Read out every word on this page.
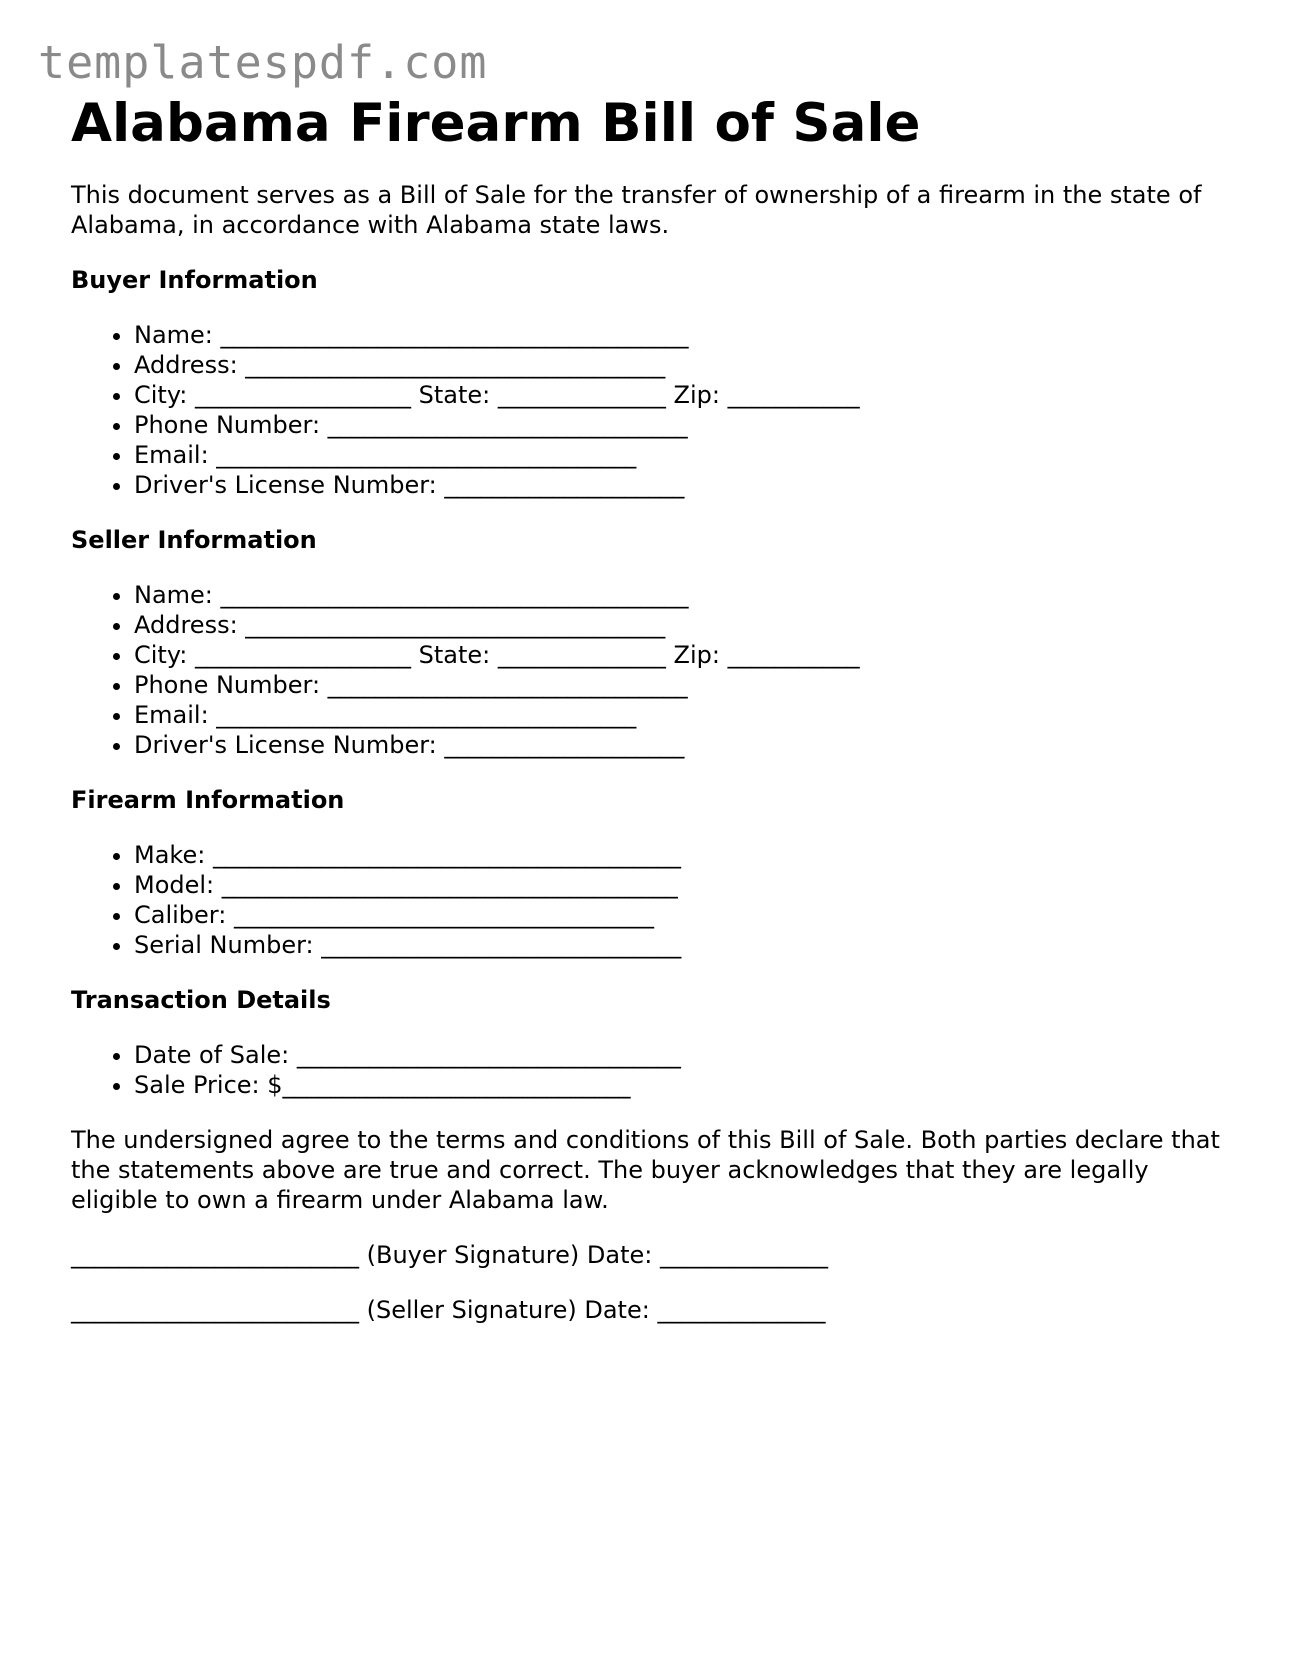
templatespdf.com
Alabama Firearm Bill of Sale

This document serves as a Bill of Sale for the transfer of ownership of a firearm in the state of Alabama, in accordance with Alabama state laws.

Buyer Information
• Name: _______________________________________
• Address: ___________________________________
• City: __________________ State: ______________ Zip: ___________
• Phone Number: ______________________________
• Email: ___________________________________
• Driver's License Number: ____________________
Seller Information
• Name: _______________________________________
• Address: ___________________________________
• City: __________________ State: ______________ Zip: ___________
• Phone Number: ______________________________
• Email: ___________________________________
• Driver's License Number: ____________________
Firearm Information
• Make: _______________________________________
• Model: ______________________________________
• Caliber: ___________________________________
• Serial Number: ______________________________
Transaction Details
• Date of Sale: ________________________________
• Sale Price: $_____________________________

The undersigned agree to the terms and conditions of this Bill of Sale. Both parties declare that the statements above are true and correct. The buyer acknowledges that they are legally eligible to own a firearm under Alabama law.

________________________ (Buyer Signature) Date: ______________
________________________ (Seller Signature) Date: ______________
